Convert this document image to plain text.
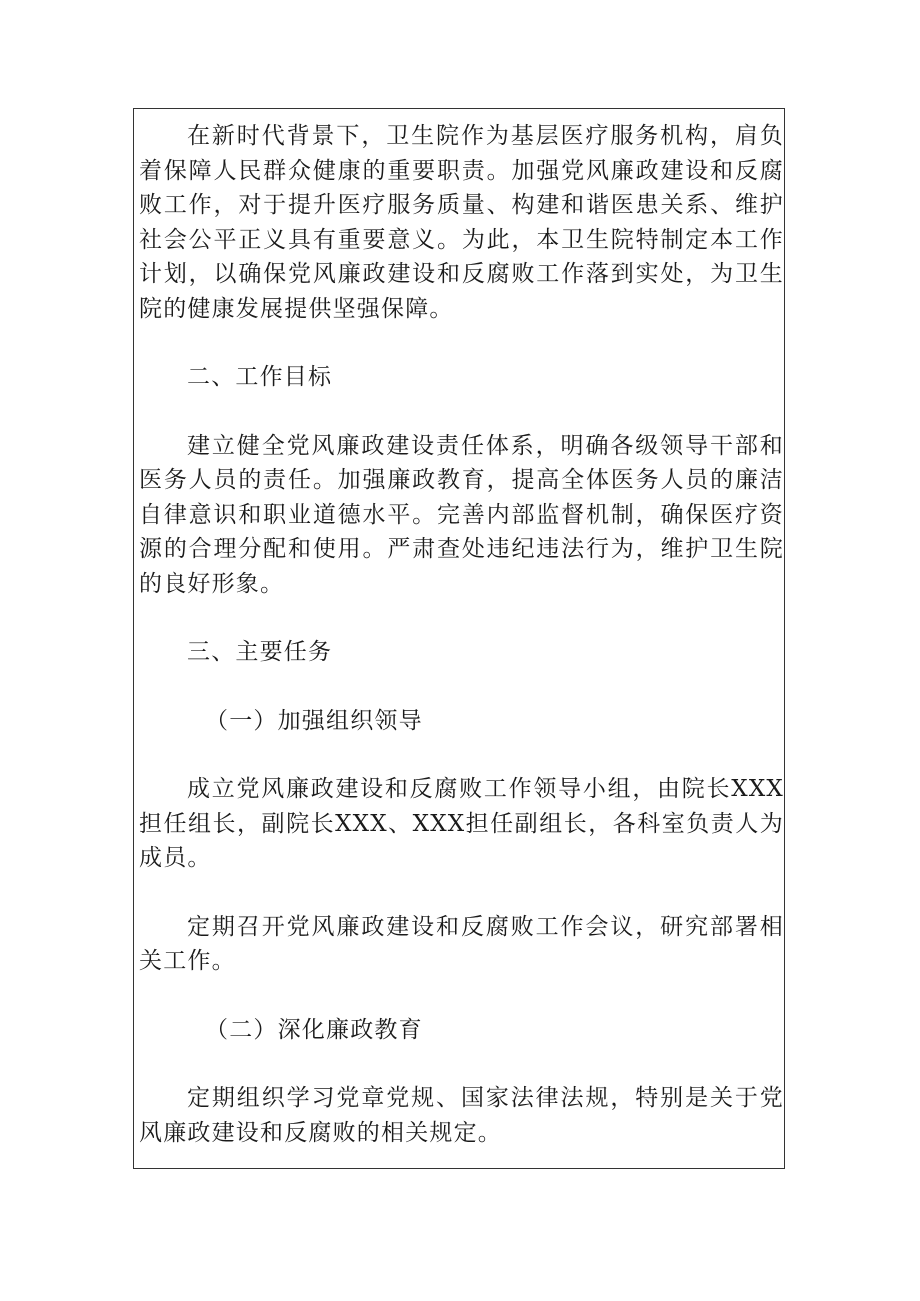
在新时代背景下，卫生院作为基层医疗服务机构，肩负着保障人民群众健康的重要职责。加强党风廉政建设和反腐败工作，对于提升医疗服务质量、构建和谐医患关系、维护社会公平正义具有重要意义。为此，本卫生院特制定本工作计划，以确保党风廉政建设和反腐败工作落到实处，为卫生院的健康发展提供坚强保障。

二、工作目标

建立健全党风廉政建设责任体系，明确各级领导干部和医务人员的责任。加强廉政教育，提高全体医务人员的廉洁自律意识和职业道德水平。完善内部监督机制，确保医疗资源的合理分配和使用。严肃查处违纪违法行为，维护卫生院的良好形象。

三、主要任务

（一）加强组织领导

成立党风廉政建设和反腐败工作领导小组，由院长XXX担任组长，副院长XXX、XXX担任副组长，各科室负责人为成员。

定期召开党风廉政建设和反腐败工作会议，研究部署相关工作。

（二）深化廉政教育

定期组织学习党章党规、国家法律法规，特别是关于党风廉政建设和反腐败的相关规定。
